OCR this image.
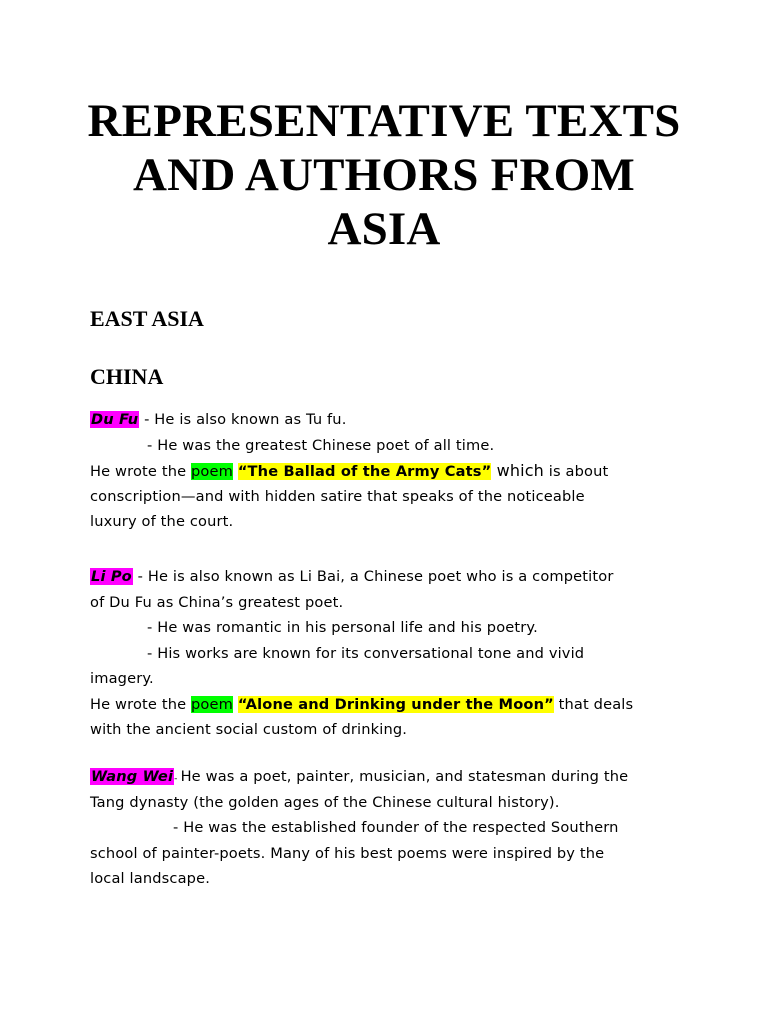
REPRESENTATIVE TEXTS
AND AUTHORS FROM
ASIA
EAST ASIA
CHINA
Du Fu - He is also known as Tu fu.
- He was the greatest Chinese poet of all time.
He wrote the poem “The Ballad of the Army Cats” which is about
conscription—and with hidden satire that speaks of the noticeable
luxury of the court.
Li Po - He is also known as Li Bai, a Chinese poet who is a competitor
of Du Fu as China’s greatest poet.
- He was romantic in his personal life and his poetry.
- His works are known for its conversational tone and vivid
imagery.
He wrote the poem “Alone and Drinking under the Moon” that deals
with the ancient social custom of drinking.
Wang Wei- He was a poet, painter, musician, and statesman during the
Tang dynasty (the golden ages of the Chinese cultural history).
- He was the established founder of the respected Southern
school of painter-poets. Many of his best poems were inspired by the
local landscape.
